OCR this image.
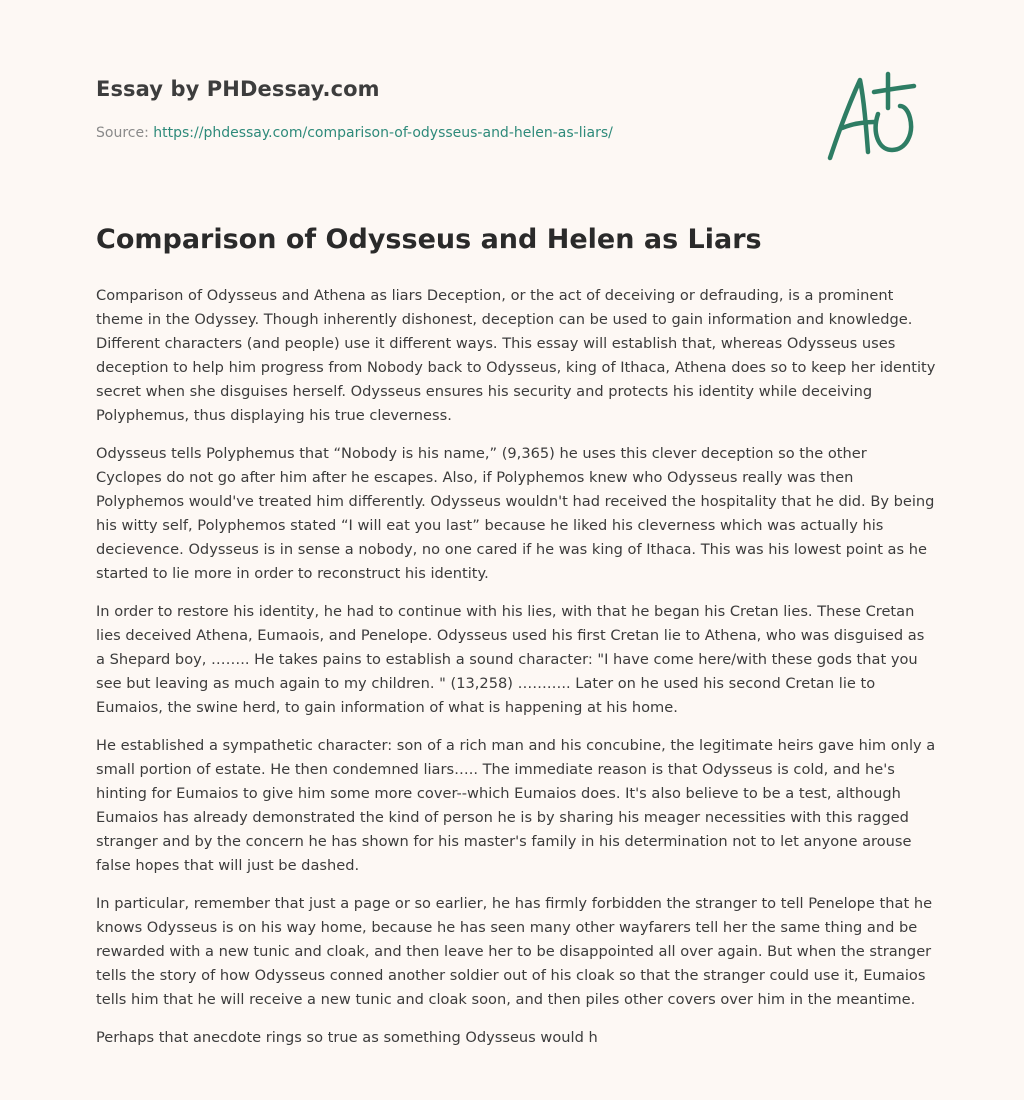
Essay by PHDessay.com
Source: https://phdessay.com/comparison-of-odysseus-and-helen-as-liars/
Comparison of Odysseus and Helen as Liars

Comparison of Odysseus and Athena as liars Deception, or the act of deceiving or defrauding, is a prominent theme in the Odyssey. Though inherently dishonest, deception can be used to gain information and knowledge. Different characters (and people) use it different ways. This essay will establish that, whereas Odysseus uses deception to help him progress from Nobody back to Odysseus, king of Ithaca, Athena does so to keep her identity secret when she disguises herself. Odysseus ensures his security and protects his identity while deceiving Polyphemus, thus displaying his true cleverness.

Odysseus tells Polyphemus that “Nobody is his name,” (9,365) he uses this clever deception so the other Cyclopes do not go after him after he escapes. Also, if Polyphemos knew who Odysseus really was then Polyphemos would've treated him differently. Odysseus wouldn't had received the hospitality that he did. By being his witty self, Polyphemos stated “I will eat you last” because he liked his cleverness which was actually his decievence. Odysseus is in sense a nobody, no one cared if he was king of Ithaca. This was his lowest point as he started to lie more in order to reconstruct his identity.

In order to restore his identity, he had to continue with his lies, with that he began his Cretan lies. These Cretan lies deceived Athena, Eumaois, and Penelope. Odysseus used his first Cretan lie to Athena, who was disguised as a Shepard boy, …….. He takes pains to establish a sound character: "I have come here/with these gods that you see but leaving as much again to my children. " (13,258) ……….. Later on he used his second Cretan lie to Eumaios, the swine herd, to gain information of what is happening at his home.

He established a sympathetic character: son of a rich man and his concubine, the legitimate heirs gave him only a small portion of estate. He then condemned liars….. The immediate reason is that Odysseus is cold, and he's hinting for Eumaios to give him some more cover--which Eumaios does. It's also believe to be a test, although Eumaios has already demonstrated the kind of person he is by sharing his meager necessities with this ragged stranger and by the concern he has shown for his master's family in his determination not to let anyone arouse false hopes that will just be dashed.

In particular, remember that just a page or so earlier, he has firmly forbidden the stranger to tell Penelope that he knows Odysseus is on his way home, because he has seen many other wayfarers tell her the same thing and be rewarded with a new tunic and cloak, and then leave her to be disappointed all over again. But when the stranger tells the story of how Odysseus conned another soldier out of his cloak so that the stranger could use it, Eumaios tells him that he will receive a new tunic and cloak soon, and then piles other covers over him in the meantime.

Perhaps that anecdote rings so true as something Odysseus would h
